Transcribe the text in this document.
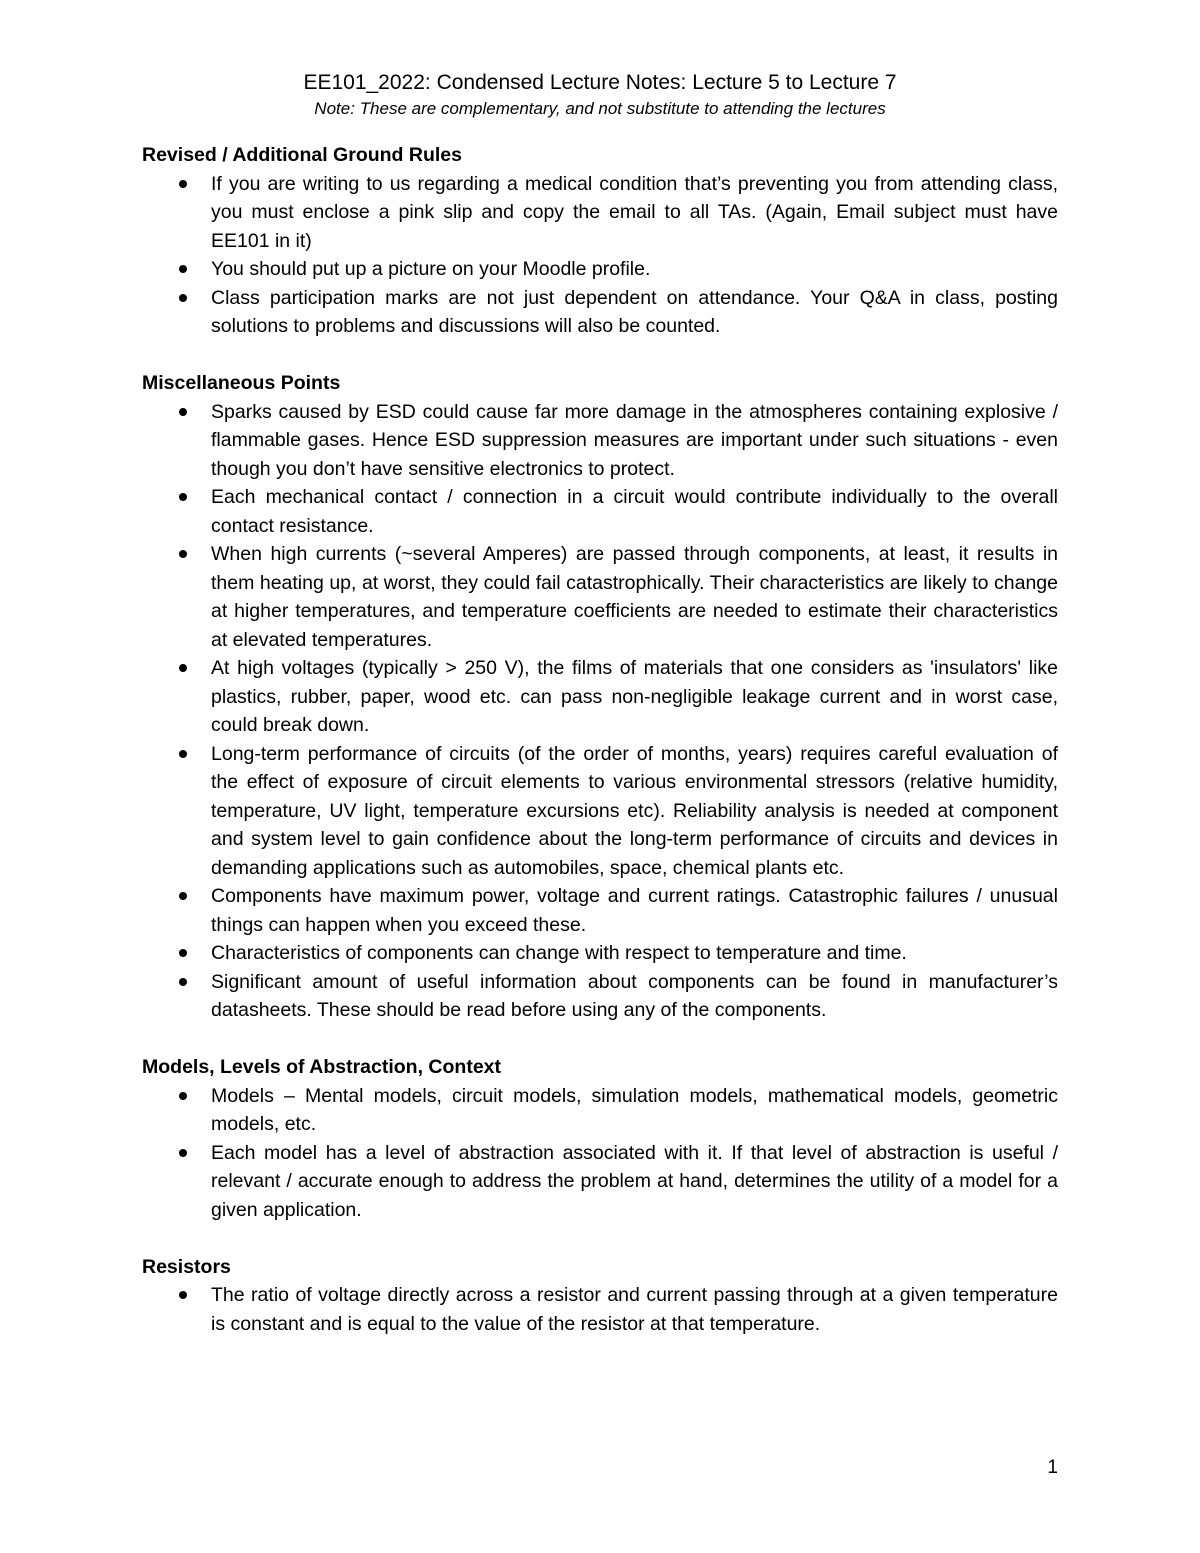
EE101_2022: Condensed Lecture Notes: Lecture 5 to Lecture 7
Note: These are complementary, and not substitute to attending the lectures

Revised / Additional Ground Rules

If you are writing to us regarding a medical condition that’s preventing you from attending class, you must enclose a pink slip and copy the email to all TAs. (Again, Email subject must have EE101 in it)
You should put up a picture on your Moodle profile.
Class participation marks are not just dependent on attendance. Your Q&A in class, posting solutions to problems and discussions will also be counted.

Miscellaneous Points

Sparks caused by ESD could cause far more damage in the atmospheres containing explosive / flammable gases. Hence ESD suppression measures are important under such situations - even though you don’t have sensitive electronics to protect.
Each mechanical contact / connection in a circuit would contribute individually to the overall contact resistance.
When high currents (~several Amperes) are passed through components, at least, it results in them heating up, at worst, they could fail catastrophically. Their characteristics are likely to change at higher temperatures, and temperature coefficients are needed to estimate their characteristics at elevated temperatures.
At high voltages (typically > 250 V), the films of materials that one considers as 'insulators' like plastics, rubber, paper, wood etc. can pass non-negligible leakage current and in worst case, could break down.
Long-term performance of circuits (of the order of months, years) requires careful evaluation of the effect of exposure of circuit elements to various environmental stressors (relative humidity, temperature, UV light, temperature excursions etc). Reliability analysis is needed at component and system level to gain confidence about the long-term performance of circuits and devices in demanding applications such as automobiles, space, chemical plants etc.
Components have maximum power, voltage and current ratings. Catastrophic failures / unusual things can happen when you exceed these.
Characteristics of components can change with respect to temperature and time.
Significant amount of useful information about components can be found in manufacturer’s datasheets. These should be read before using any of the components.

Models, Levels of Abstraction, Context

Models – Mental models, circuit models, simulation models, mathematical models, geometric models, etc.
Each model has a level of abstraction associated with it. If that level of abstraction is useful / relevant / accurate enough to address the problem at hand, determines the utility of a model for a given application.

Resistors

The ratio of voltage directly across a resistor and current passing through at a given temperature is constant and is equal to the value of the resistor at that temperature.
1
